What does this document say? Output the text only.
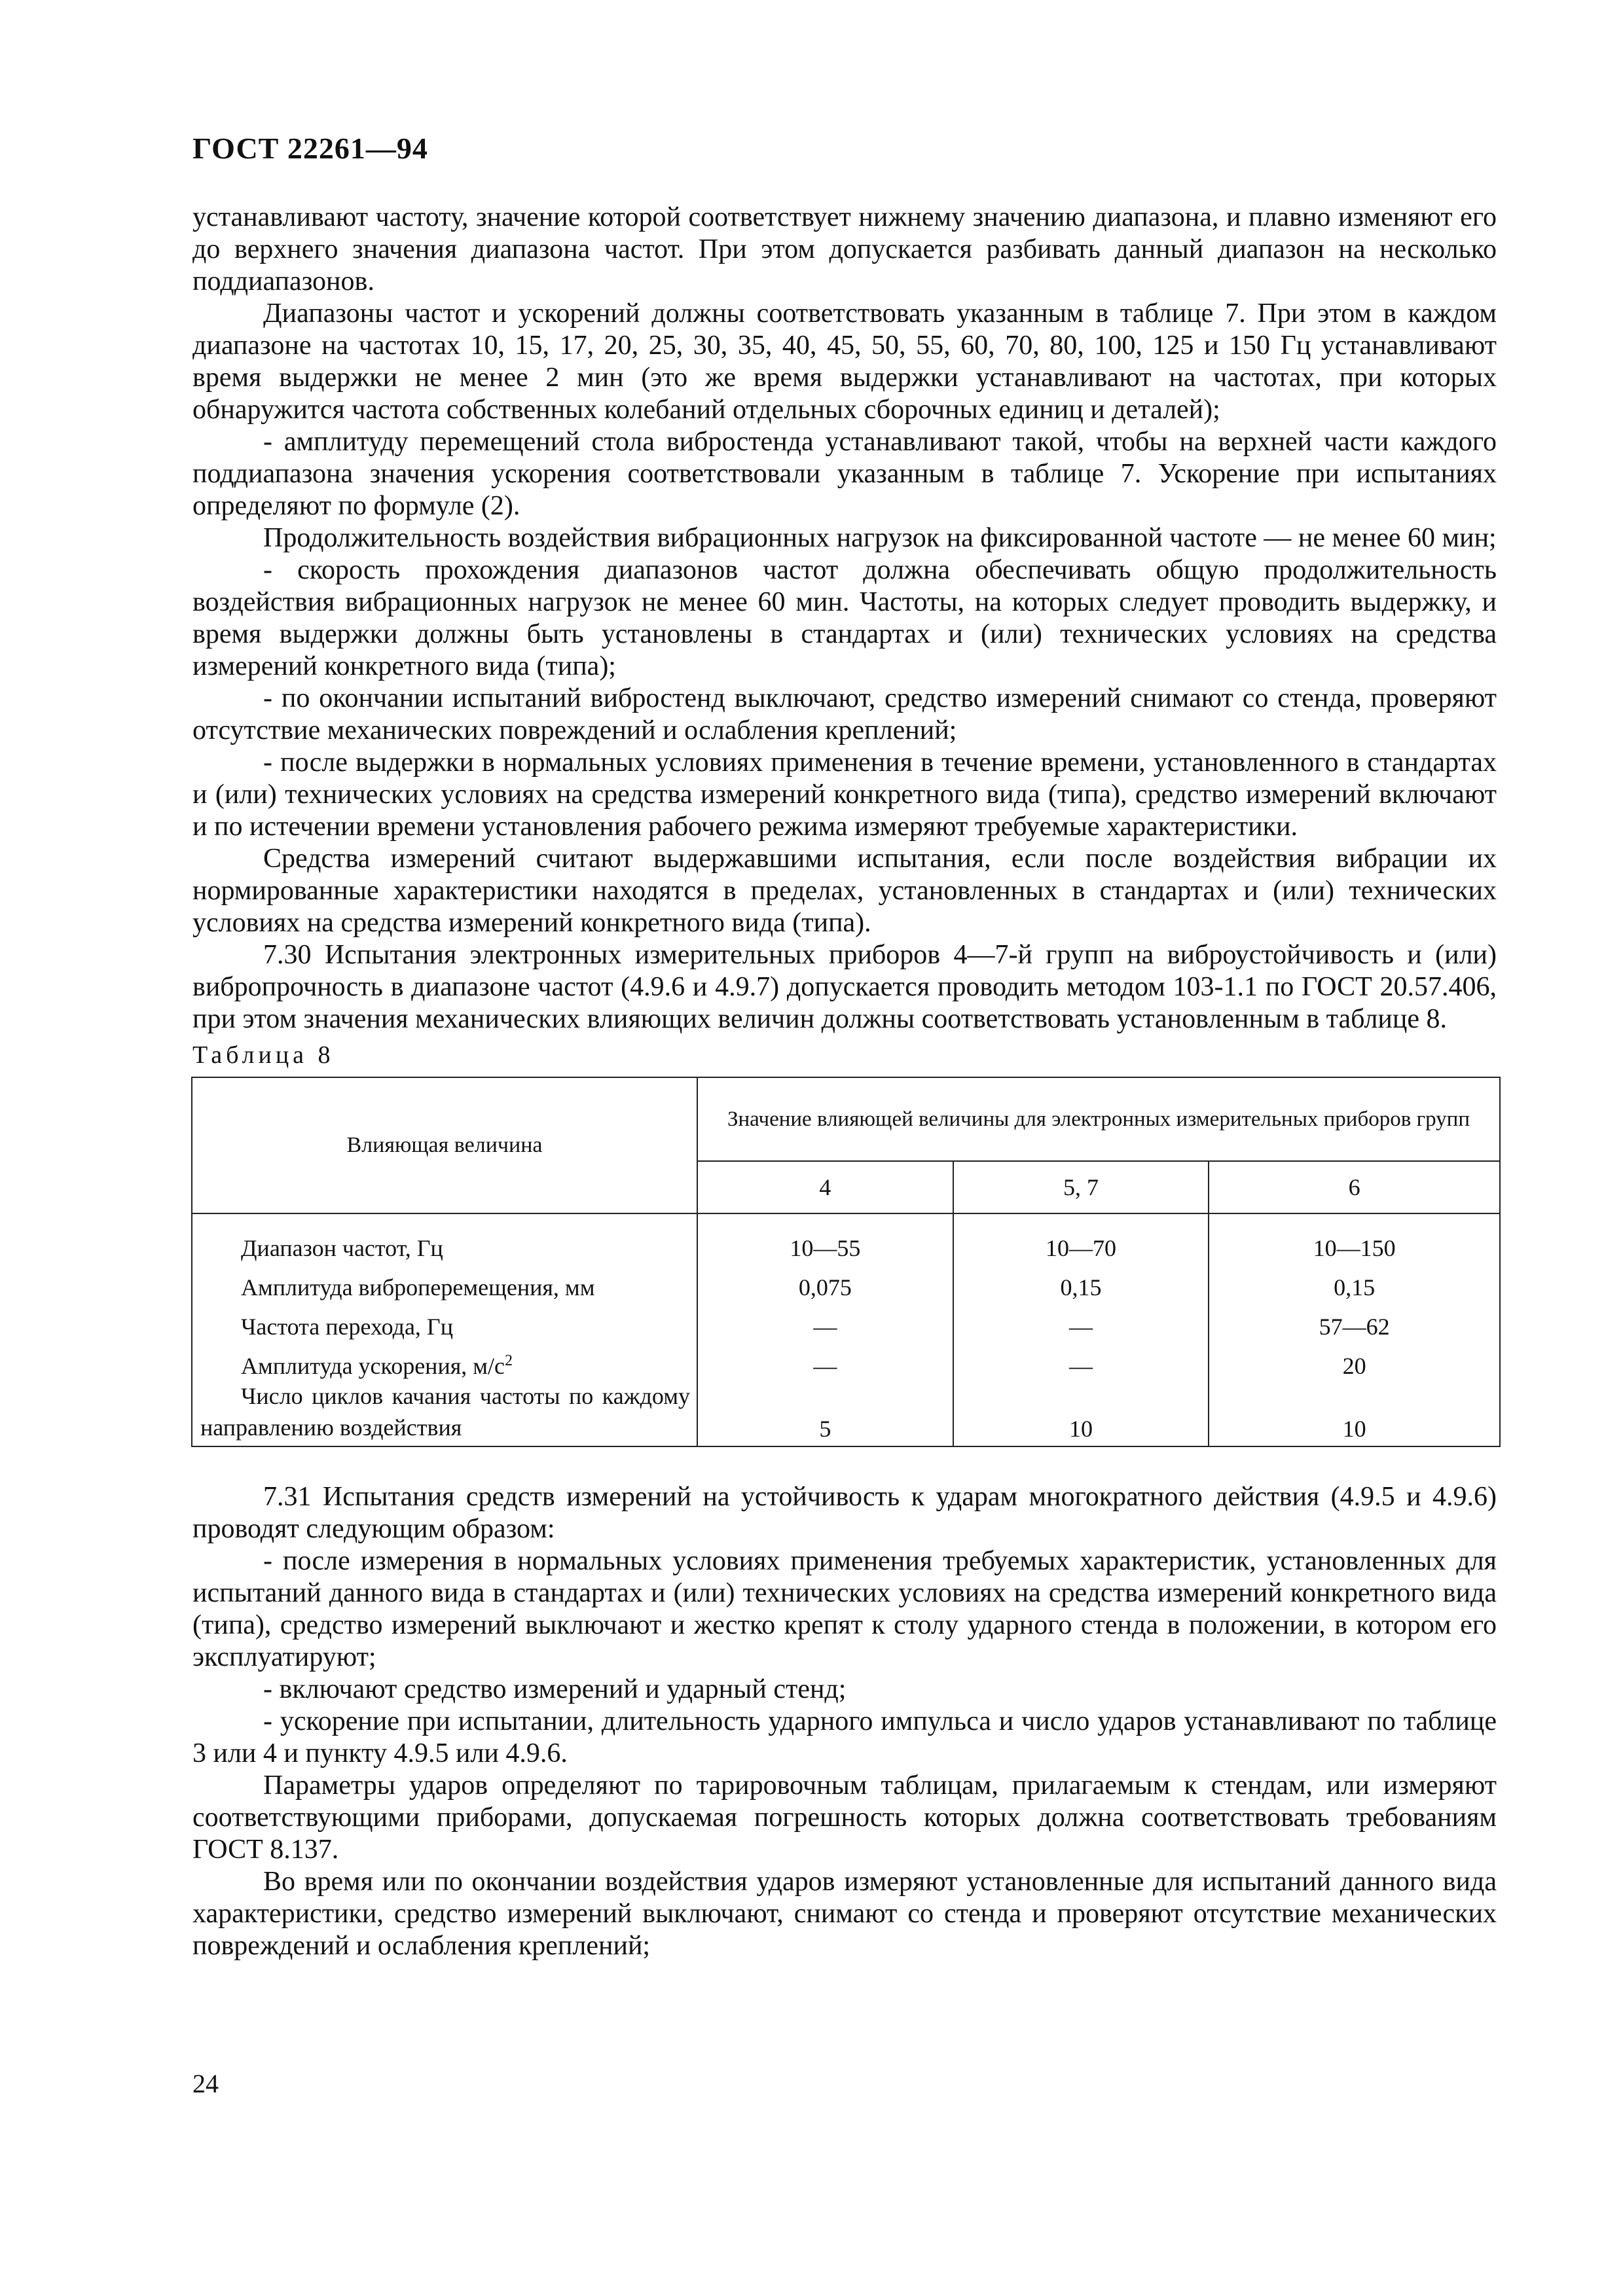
ГОСТ 22261—94

устанавливают частоту, значение которой соответствует нижнему значению диапазона, и плавно изменяют его до верхнего значения диапазона частот. При этом допускается разбивать данный диапазон на несколько поддиапазонов.

Диапазоны частот и ускорений должны соответствовать указанным в таблице 7. При этом в каждом диапазоне на частотах 10, 15, 17, 20, 25, 30, 35, 40, 45, 50, 55, 60, 70, 80, 100, 125 и 150 Гц устанавливают время выдержки не менее 2 мин (это же время выдержки устанавливают на частотах, при которых обнаружится частота собственных колебаний отдельных сборочных единиц и деталей);

- амплитуду перемещений стола вибростенда устанавливают такой, чтобы на верхней части каждого поддиапазона значения ускорения соответствовали указанным в таблице 7. Ускорение при испытаниях определяют по формуле (2).

Продолжительность воздействия вибрационных нагрузок на фиксированной частоте — не менее 60 мин;

- скорость прохождения диапазонов частот должна обеспечивать общую продолжительность воздействия вибрационных нагрузок не менее 60 мин. Частоты, на которых следует проводить выдержку, и время выдержки должны быть установлены в стандартах и (или) технических условиях на средства измерений конкретного вида (типа);

- по окончании испытаний вибростенд выключают, средство измерений снимают со стенда, проверяют отсутствие механических повреждений и ослабления креплений;

- после выдержки в нормальных условиях применения в течение времени, установленного в стандартах и (или) технических условиях на средства измерений конкретного вида (типа), средство измерений включают и по истечении времени установления рабочего режима измеряют требуемые характеристики.

Средства измерений считают выдержавшими испытания, если после воздействия вибрации их нормированные характеристики находятся в пределах, установленных в стандартах и (или) технических условиях на средства измерений конкретного вида (типа).

7.30 Испытания электронных измерительных приборов 4—7-й групп на виброустойчивость и (или) вибропрочность в диапазоне частот (4.9.6 и 4.9.7) допускается проводить методом 103-1.1 по ГОСТ 20.57.406, при этом значения механических влияющих величин должны соответствовать установленным в таблице 8.

Таблица 8
Влияющая величина	Значение влияющей величины для электронных измерительных приборов групп		
	4	5, 7	6
Диапазон частот, Гц	10—55	10—70	10—150
Амплитуда виброперемещения, мм	0,075	0,15	0,15
Частота перехода, Гц	—	—	57—62
Амплитуда ускорения, $м/с^2$	—	—	20
Число циклов качания частоты по каждому направлению воздействия	5	10	10

7.31 Испытания средств измерений на устойчивость к ударам многократного действия (4.9.5 и 4.9.6) проводят следующим образом:

- после измерения в нормальных условиях применения требуемых характеристик, установленных для испытаний данного вида в стандартах и (или) технических условиях на средства измерений конкретного вида (типа), средство измерений выключают и жестко крепят к столу ударного стенда в положении, в котором его эксплуатируют;

- включают средство измерений и ударный стенд;

- ускорение при испытании, длительность ударного импульса и число ударов устанавливают по таблице 3 или 4 и пункту 4.9.5 или 4.9.6.

Параметры ударов определяют по тарировочным таблицам, прилагаемым к стендам, или измеряют соответствующими приборами, допускаемая погрешность которых должна соответствовать требованиям ГОСТ 8.137.

Во время или по окончании воздействия ударов измеряют установленные для испытаний данного вида характеристики, средство измерений выключают, снимают со стенда и проверяют отсутствие механических повреждений и ослабления креплений;

24
